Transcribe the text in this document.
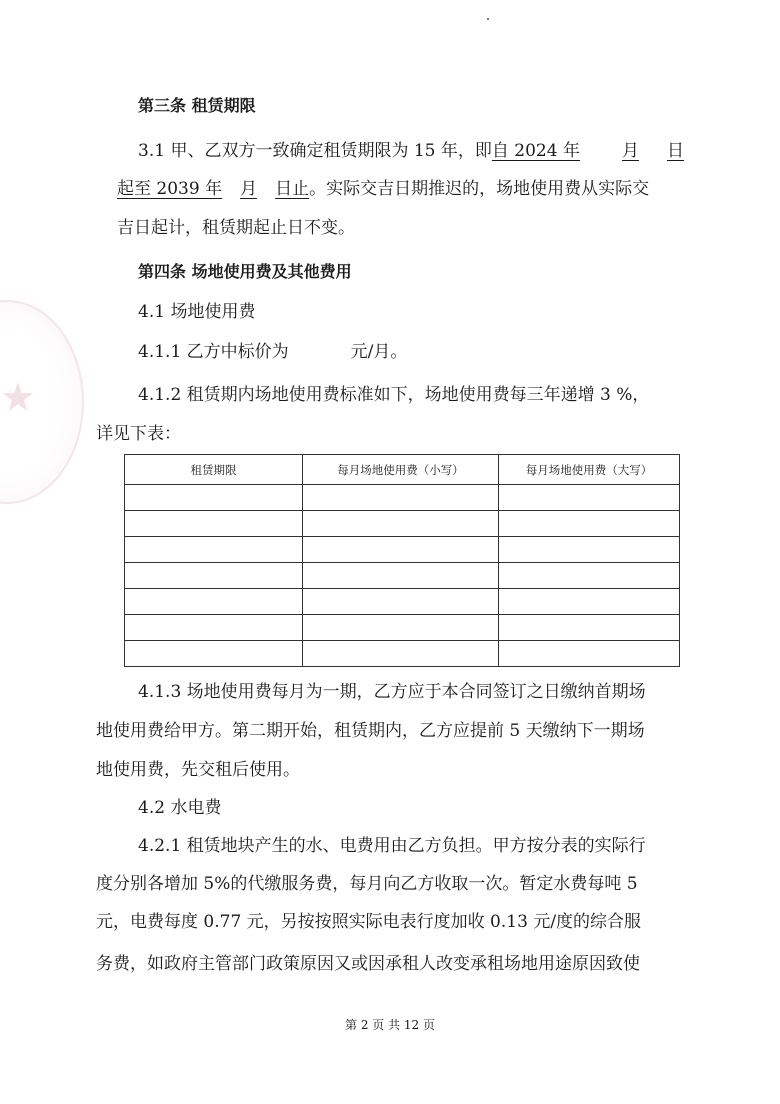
★
第三条 租赁期限
3.1 甲、乙双方一致确定租赁期限为 15 年，即自 2024 年 月 日
起至 2039 年 月 日止。实际交吉日期推迟的，场地使用费从实际交
吉日起计，租赁期起止日不变。
第四条 场地使用费及其他费用
4.1 场地使用费
4.1.1 乙方中标价为	元/月。
4.1.2 租赁期内场地使用费标准如下，场地使用费每三年递增 3 %，
详见下表：
租赁期限	每月场地使用费（小写）	每月场地使用费（大写）

4.1.3 场地使用费每月为一期，乙方应于本合同签订之日缴纳首期场
地使用费给甲方。第二期开始，租赁期内，乙方应提前 5 天缴纳下一期场
地使用费，先交租后使用。
4.2 水电费
4.2.1 租赁地块产生的水、电费用由乙方负担。甲方按分表的实际行
度分别各增加 5%的代缴服务费，每月向乙方收取一次。暂定水费每吨 5
元，电费每度 0.77 元，另按按照实际电表行度加收 0.13 元/度的综合服
务费，如政府主管部门政策原因又或因承租人改变承租场地用途原因致使
第 2 页 共 12 页
